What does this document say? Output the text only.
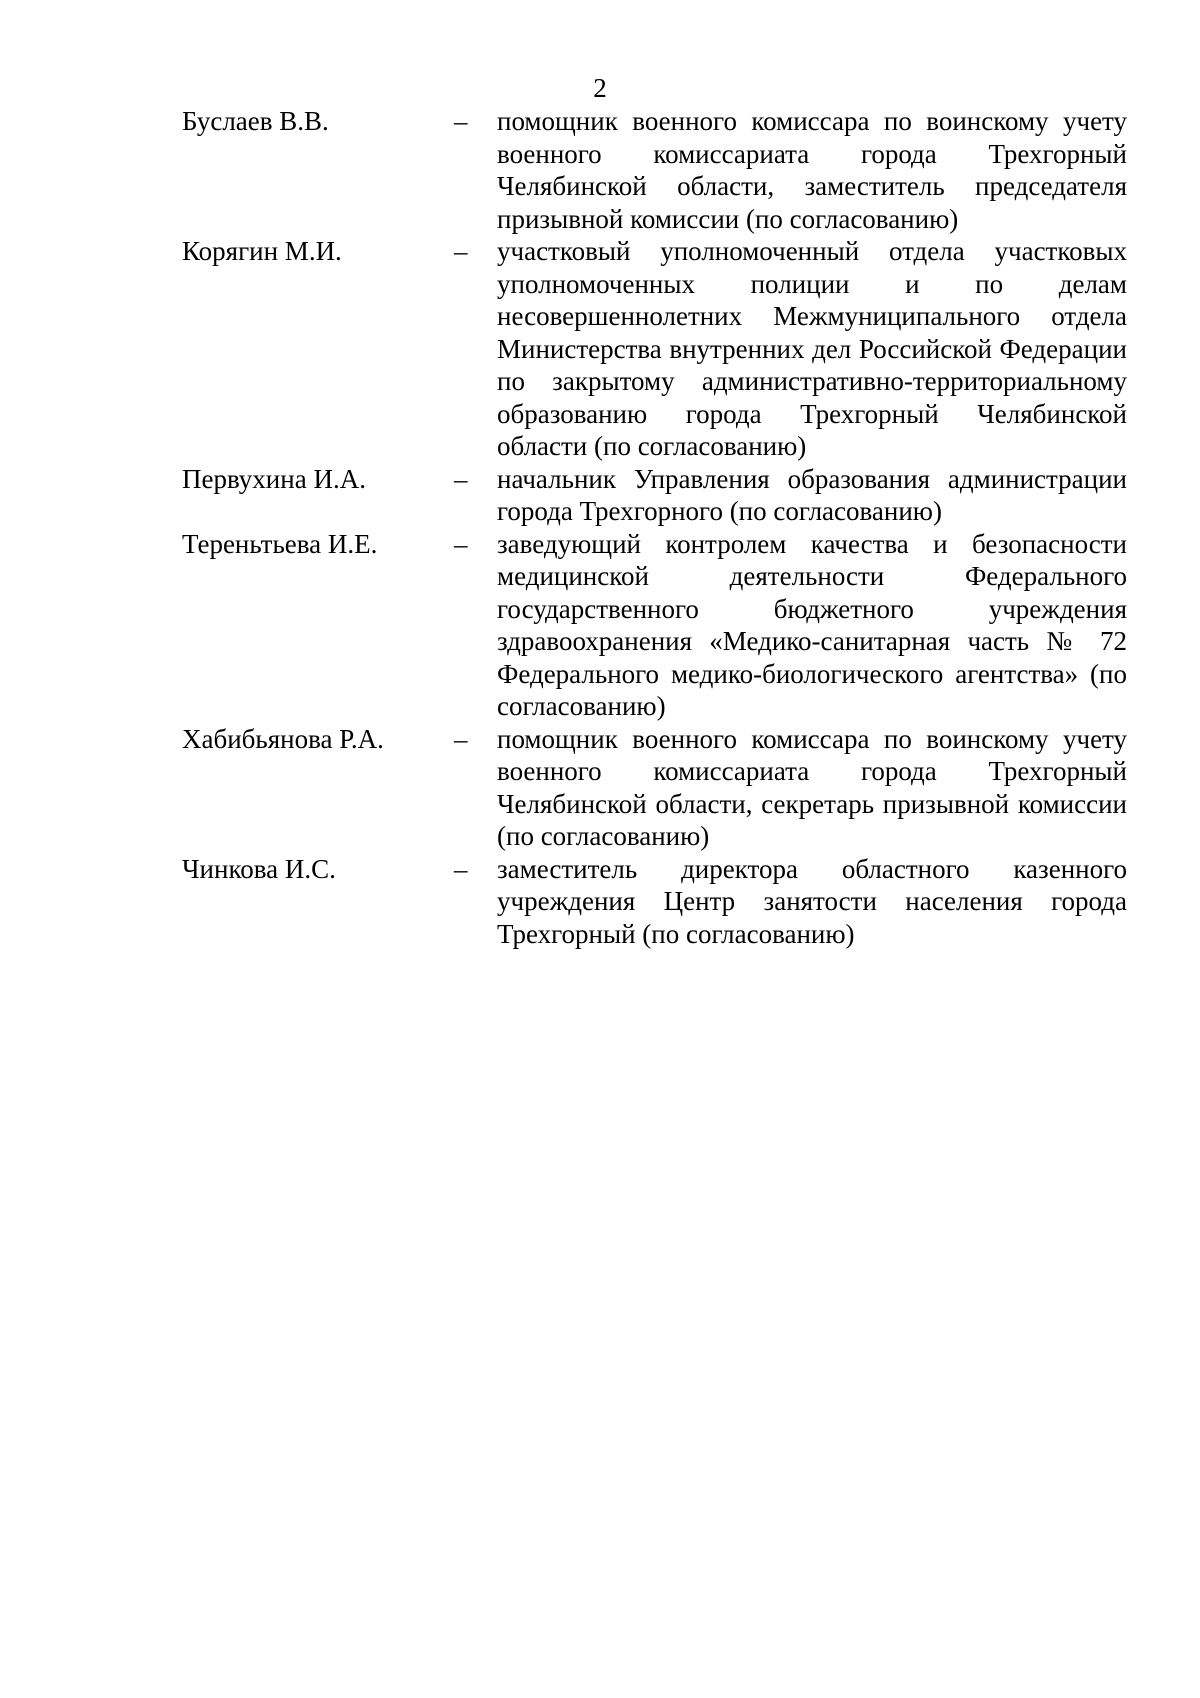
2
Буслаев В.В.	–	помощник военного комиссара по воинскому учету военного комиссариата города Трехгорный Челябинской области, заместитель председателя призывной комиссии (по согласованию)
Корягин М.И.	–	участковый уполномоченный отдела участковых уполномоченных полиции и по делам несовершеннолетних Межмуниципального отдела Министерства внутренних дел Российской Федерации по закрытому административно-территориальному образованию города Трехгорный Челябинской области (по согласованию)
Первухина И.А.	–	начальник Управления образования администрации города Трехгорного (по согласованию)
Тереньтьева И.Е.	–	заведующий контролем качества и безопасности медицинской деятельности Федерального государственного бюджетного учреждения здравоохранения «Медико-санитарная часть № 72 Федерального медико-биологического агентства» (по согласованию)
Хабибьянова Р.А.	–	помощник военного комиссара по воинскому учету военного комиссариата города Трехгорный Челябинской области, секретарь призывной комиссии (по согласованию)
Чинкова И.С.	–	заместитель директора областного казенного учреждения Центр занятости населения города Трехгорный (по согласованию)
